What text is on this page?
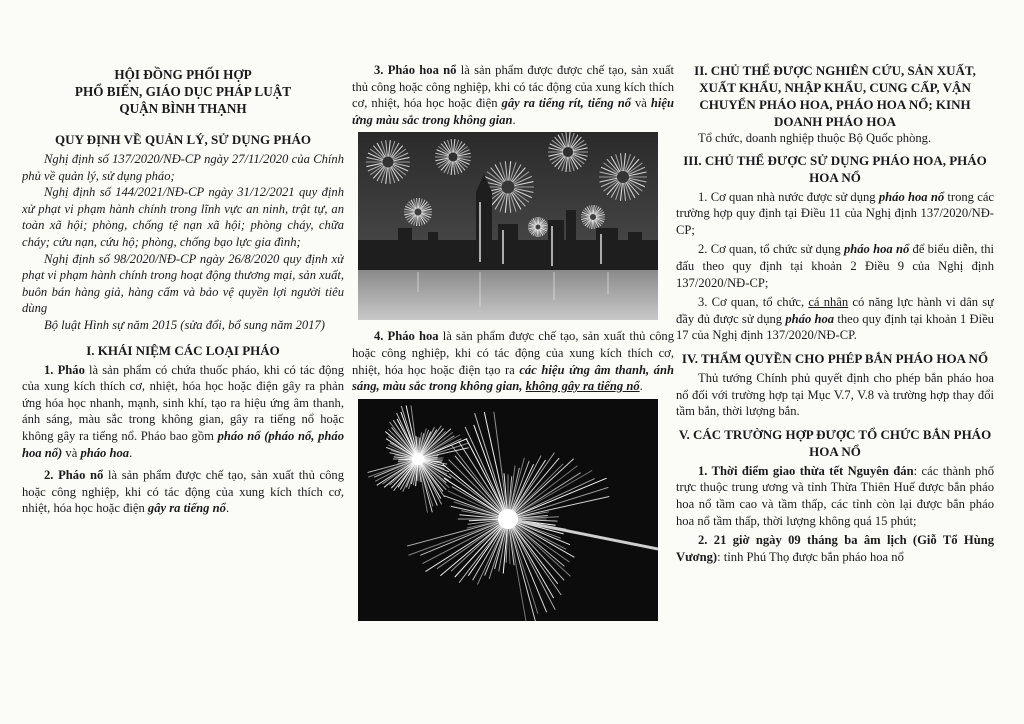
HỘI ĐỒNG PHỐI HỢP
PHỔ BIẾN, GIÁO DỤC PHÁP LUẬT
QUẬN BÌNH THẠNH
QUY ĐỊNH VỀ QUẢN LÝ, SỬ DỤNG PHÁO

Nghị định số 137/2020/NĐ-CP ngày 27/11/2020 của Chính phủ về quản lý, sử dụng pháo;

Nghị định số 144/2021/NĐ-CP ngày 31/12/2021 quy định xử phạt vi phạm hành chính trong lĩnh vực an ninh, trật tự, an toàn xã hội; phòng, chống tệ nạn xã hội; phòng cháy, chữa cháy; cứu nạn, cứu hộ; phòng, chống bạo lực gia đình;

Nghị định số 98/2020/NĐ-CP ngày 26/8/2020 quy định xử phạt vi phạm hành chính trong hoạt động thương mại, sản xuất, buôn bán hàng giả, hàng cấm và bảo vệ quyền lợi người tiêu dùng

Bộ luật Hình sự năm 2015 (sửa đổi, bổ sung năm 2017)

I. KHÁI NIỆM CÁC LOẠI PHÁO

1. Pháo là sản phẩm có chứa thuốc pháo, khi có tác động của xung kích thích cơ, nhiệt, hóa học hoặc điện gây ra phản ứng hóa học nhanh, mạnh, sinh khí, tạo ra hiệu ứng âm thanh, ánh sáng, màu sắc trong không gian, gây ra tiếng nổ hoặc không gây ra tiếng nổ. Pháo bao gồm pháo nổ (pháo nổ, pháo hoa nổ) và pháo hoa.

2. Pháo nổ là sản phẩm được chế tạo, sản xuất thủ công hoặc công nghiệp, khi có tác động của xung kích thích cơ, nhiệt, hóa học hoặc điện gây ra tiếng nổ.

3. Pháo hoa nổ là sản phẩm được được chế tạo, sản xuất thủ công hoặc công nghiệp, khi có tác động của xung kích thích cơ, nhiệt, hóa học hoặc điện gây ra tiếng rít, tiếng nổ và hiệu ứng màu sắc trong không gian.

4. Pháo hoa là sản phẩm được chế tạo, sản xuất thủ công hoặc công nghiệp, khi có tác động của xung kích thích cơ, nhiệt, hóa học hoặc điện tạo ra các hiệu ứng âm thanh, ánh sáng, màu sắc trong không gian, không gây ra tiếng nổ.

II. CHỦ THỂ ĐƯỢC NGHIÊN CỨU, SẢN XUẤT, XUẤT KHẨU, NHẬP KHẨU, CUNG CẤP, VẬN CHUYỂN PHÁO HOA, PHÁO HOA NỔ; KINH DOANH PHÁO HOA

Tổ chức, doanh nghiệp thuộc Bộ Quốc phòng.

III. CHỦ THỂ ĐƯỢC SỬ DỤNG PHÁO HOA, PHÁO HOA NỔ

1. Cơ quan nhà nước được sử dụng pháo hoa nổ trong các trường hợp quy định tại Điều 11 của Nghị định 137/2020/NĐ-CP;

2. Cơ quan, tổ chức sử dụng pháo hoa nổ để biểu diễn, thi đấu theo quy định tại khoản 2 Điều 9 của Nghị định 137/2020/NĐ-CP;

3. Cơ quan, tổ chức, cá nhân có năng lực hành vi dân sự đầy đủ được sử dụng pháo hoa theo quy định tại khoản 1 Điều 17 của Nghị định 137/2020/NĐ-CP.

IV. THẨM QUYỀN CHO PHÉP BẮN PHÁO HOA NỔ

Thủ tướng Chính phủ quyết định cho phép bắn pháo hoa nổ đối với trường hợp tại Mục V.7, V.8 và trường hợp thay đổi tầm bắn, thời lượng bắn.

V. CÁC TRƯỜNG HỢP ĐƯỢC TỔ CHỨC BẮN PHÁO HOA NỔ

1. Thời điểm giao thừa tết Nguyên đán: các thành phố trực thuộc trung ương và tỉnh Thừa Thiên Huế được bắn pháo hoa nổ tầm cao và tầm thấp, các tỉnh còn lại được bắn pháo hoa nổ tầm thấp, thời lượng không quá 15 phút;

2. 21 giờ ngày 09 tháng ba âm lịch (Giỗ Tổ Hùng Vương): tỉnh Phú Thọ được bắn pháo hoa nổ
